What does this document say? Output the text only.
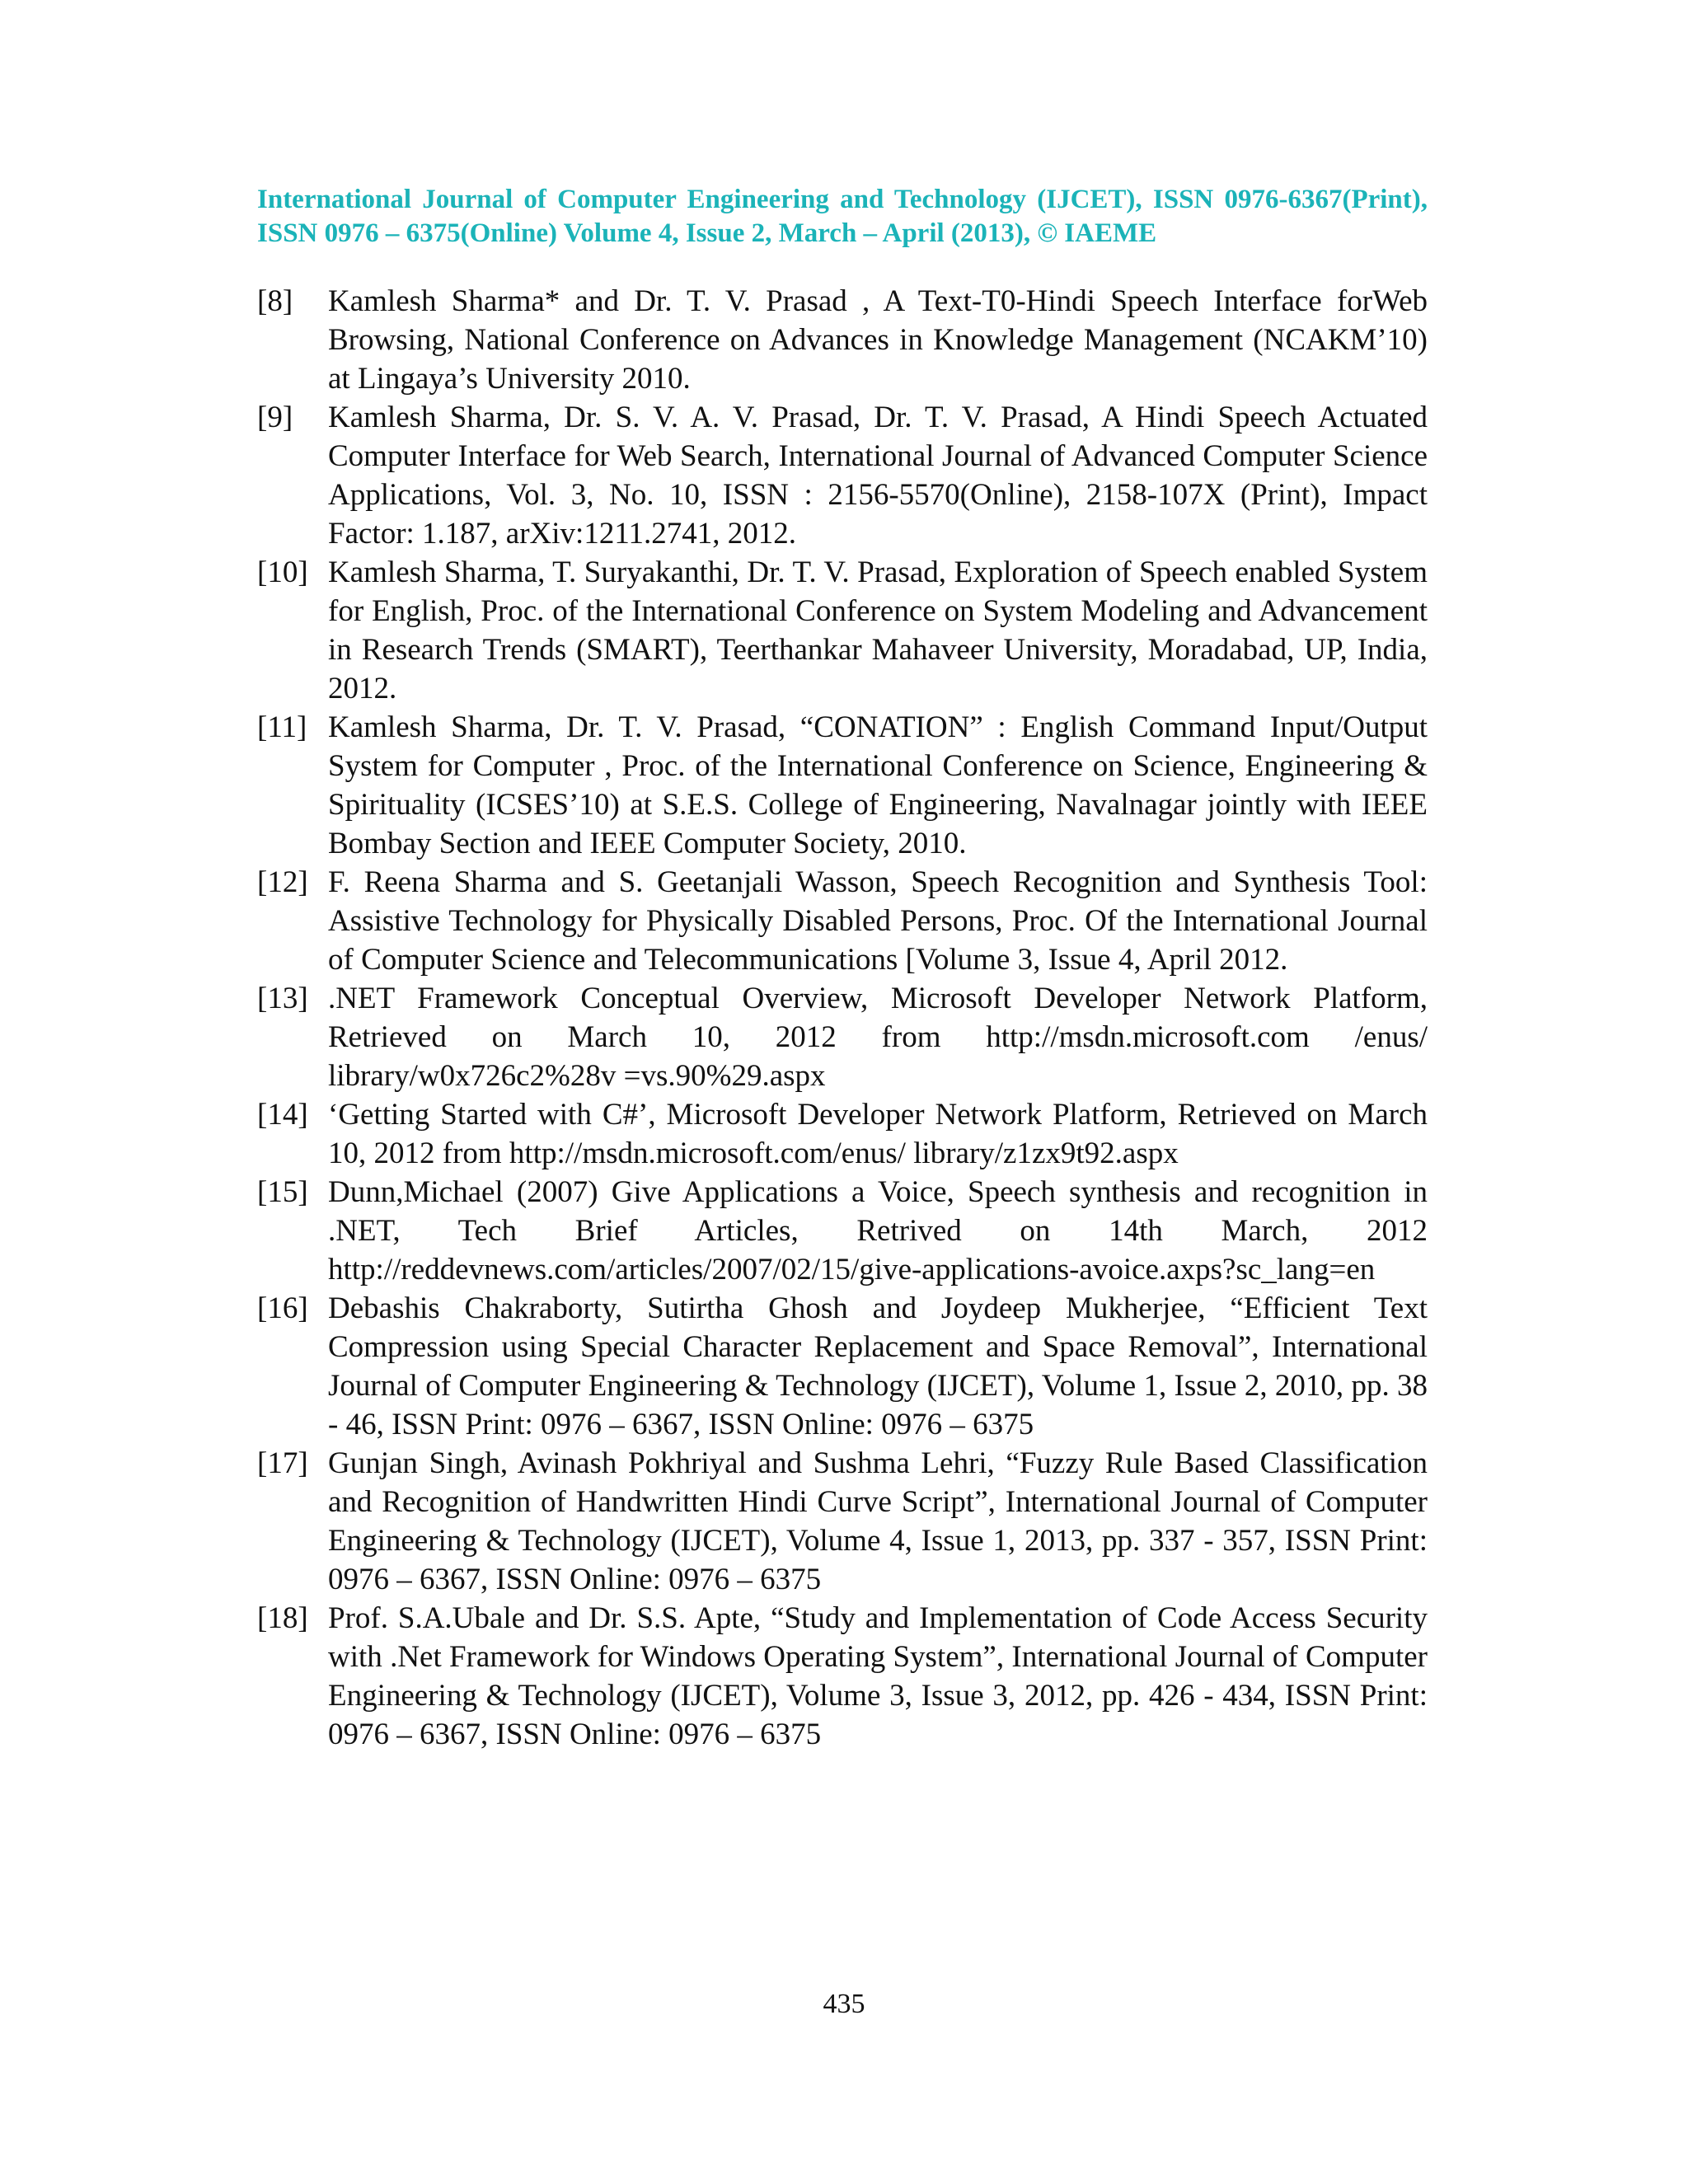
International Journal of Computer Engineering and Technology (IJCET), ISSN 0976-6367(Print), ISSN 0976 – 6375(Online) Volume 4, Issue 2, March – April (2013), © IAEME
[8]	Kamlesh Sharma* and Dr. T. V. Prasad , A Text-T0-Hindi Speech Interface forWeb Browsing, National Conference on Advances in Knowledge Management (NCAKM’10) at Lingaya’s University 2010.
[9]	Kamlesh Sharma, Dr. S. V. A. V. Prasad, Dr. T. V. Prasad, A Hindi Speech Actuated Computer Interface for Web Search, International Journal of Advanced Computer Science Applications, Vol. 3, No. 10, ISSN : 2156-5570(Online), 2158-107X (Print), Impact Factor: 1.187, arXiv:1211.2741, 2012.
[10] Kamlesh Sharma, T. Suryakanthi, Dr. T. V. Prasad, Exploration of Speech enabled System for English, Proc. of the International Conference on System Modeling and Advancement in Research Trends (SMART), Teerthankar Mahaveer University, Moradabad, UP, India, 2012.
[11] Kamlesh Sharma, Dr. T. V. Prasad, “CONATION” : English Command Input/Output System for Computer , Proc. of the International Conference on Science, Engineering & Spirituality (ICSES’10) at S.E.S. College of Engineering, Navalnagar jointly with IEEE Bombay Section and IEEE Computer Society, 2010.
[12] F. Reena Sharma and S. Geetanjali Wasson, Speech Recognition and Synthesis Tool: Assistive Technology for Physically Disabled Persons, Proc. Of the International Journal of Computer Science and Telecommunications [Volume 3, Issue 4, April 2012.
[13] .NET Framework Conceptual Overview, Microsoft Developer Network Platform, Retrieved on March 10, 2012 from http://msdn.microsoft.com /enus/ library/w0x726c2%28v =vs.90%29.aspx
[14] ‘Getting Started with C#’, Microsoft Developer Network Platform, Retrieved on March 10, 2012 from http://msdn.microsoft.com/enus/ library/z1zx9t92.aspx
[15] Dunn,Michael (2007) Give Applications a Voice, Speech synthesis and recognition in .NET, Tech Brief Articles, Retrived on 14th March, 2012 http://reddevnews.com/articles/2007/02/15/give-applications-avoice.axps?sc_lang=en
[16] Debashis Chakraborty, Sutirtha Ghosh and Joydeep Mukherjee, “Efficient Text Compression using Special Character Replacement and Space Removal”, International Journal of Computer Engineering & Technology (IJCET), Volume 1, Issue 2, 2010, pp. 38 - 46, ISSN Print: 0976 – 6367, ISSN Online: 0976 – 6375
[17] Gunjan Singh, Avinash Pokhriyal and Sushma Lehri, “Fuzzy Rule Based Classification and Recognition of Handwritten Hindi Curve Script”, International Journal of Computer Engineering & Technology (IJCET), Volume 4, Issue 1, 2013, pp. 337 - 357, ISSN Print: 0976 – 6367, ISSN Online: 0976 – 6375
[18] Prof. S.A.Ubale and Dr. S.S. Apte, “Study and Implementation of Code Access Security with .Net Framework for Windows Operating System”, International Journal of Computer Engineering & Technology (IJCET), Volume 3, Issue 3, 2012, pp. 426 - 434, ISSN Print: 0976 – 6367, ISSN Online: 0976 – 6375
435
